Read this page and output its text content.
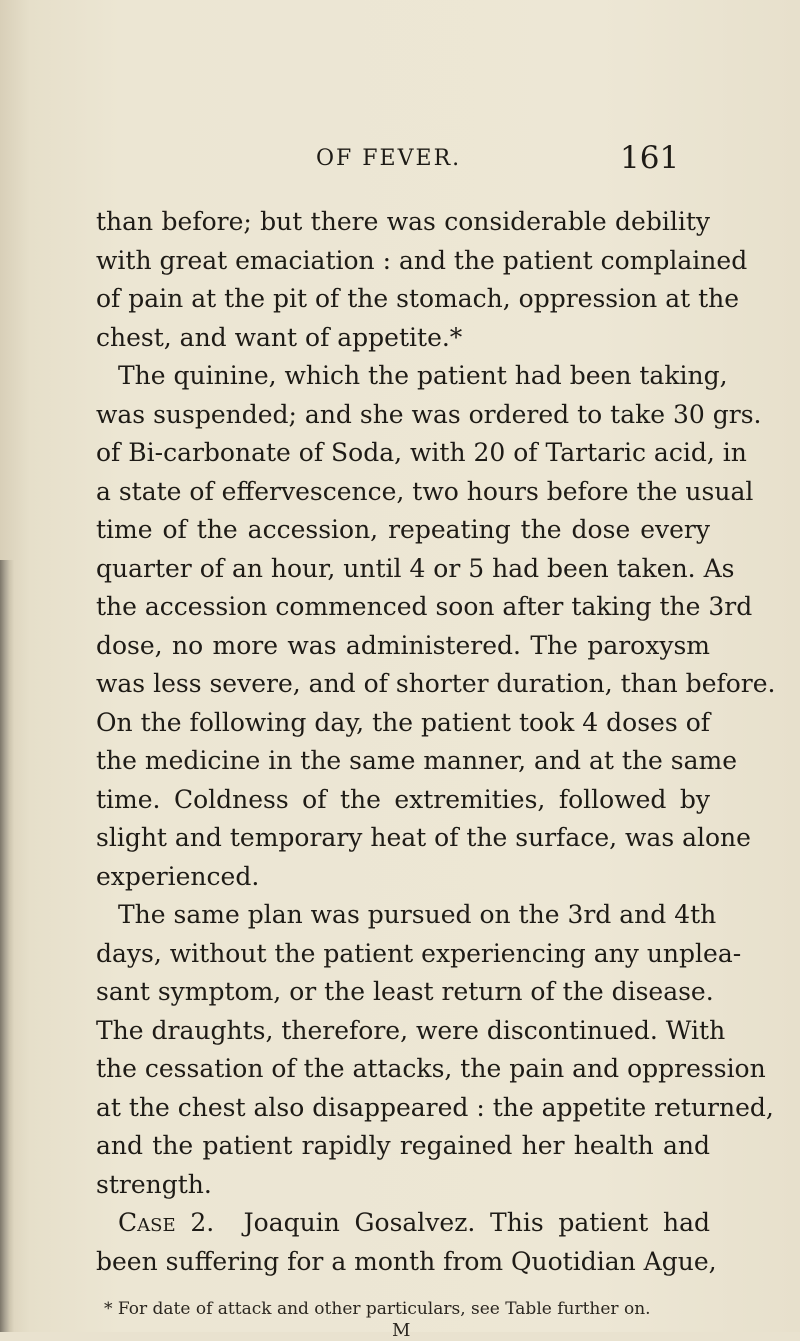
OF FEVER.	161
than before; but there was considerable debility
with great emaciation : and the patient complained
of pain at the pit of the stomach, oppression at the
chest, and want of appetite.*
The quinine, which the patient had been taking,
was suspended; and she was ordered to take 30 grs.
of Bi-carbonate of Soda, with 20 of Tartaric acid, in
a state of effervescence, two hours before the usual
time of the accession, repeating the dose every
quarter of an hour, until 4 or 5 had been taken. As
the accession commenced soon after taking the 3rd
dose, no more was administered. The paroxysm
was less severe, and of shorter duration, than before.
On the following day, the patient took 4 doses of
the medicine in the same manner, and at the same
time. Coldness of the extremities, followed by
slight and temporary heat of the surface, was alone
experienced.
The same plan was pursued on the 3rd and 4th
days, without the patient experiencing any unplea-
sant symptom, or the least return of the disease.
The draughts, therefore, were discontinued. With
the cessation of the attacks, the pain and oppression
at the chest also disappeared : the appetite returned,
and the patient rapidly regained her health and
strength.
Case 2. Joaquin Gosalvez. This patient had
been suffering for a month from Quotidian Ague,
* For date of attack and other particulars, see Table further on.
M
